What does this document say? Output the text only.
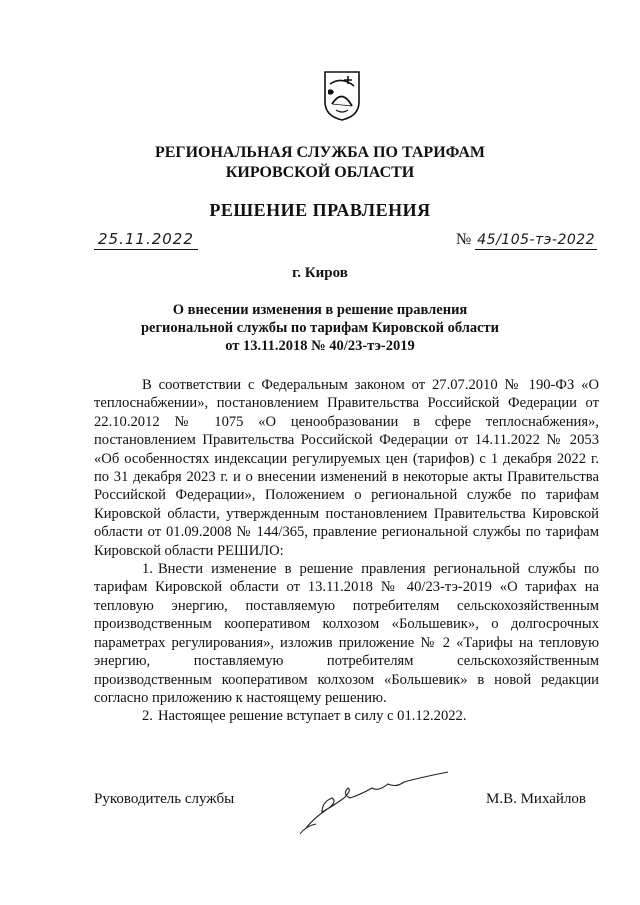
РЕГИОНАЛЬНАЯ СЛУЖБА ПО ТАРИФАМ
КИРОВСКОЙ ОБЛАСТИ
РЕШЕНИЕ ПРАВЛЕНИЯ
25.11.2022	№ 45/105-тэ-2022
г. Киров
О внесении изменения в решение правления
региональной службы по тарифам Кировской области
от 13.11.2018 № 40/23-тэ-2019

В соответствии с Федеральным законом от 27.07.2010 № 190-ФЗ «О теплоснабжении», постановлением Правительства Российской Федерации от 22.10.2012 № 1075 «О ценообразовании в сфере теплоснабжения», постановлением Правительства Российской Федерации от 14.11.2022 № 2053 «Об особенностях индексации регулируемых цен (тарифов) с 1 декабря 2022 г. по 31 декабря 2023 г. и о внесении изменений в некоторые акты Правительства Российской Федерации», Положением о региональной службе по тарифам Кировской области, утвержденным постановлением Правительства Кировской области от 01.09.2008 № 144/365, правление региональной службы по тарифам Кировской области РЕШИЛО:

1. Внести изменение в решение правления региональной службы по тарифам Кировской области от 13.11.2018 № 40/23-тэ-2019 «О тарифах на тепловую энергию, поставляемую потребителям сельскохозяйственным производственным кооперативом колхозом «Большевик», о долгосрочных параметрах регулирования», изложив приложение № 2 «Тарифы на тепловую энергию, поставляемую потребителям сельскохозяйственным производственным кооперативом колхозом «Большевик» в новой редакции согласно приложению к настоящему решению.

2. Настоящее решение вступает в силу с 01.12.2022.

Руководитель службы	М.В. Михайлов
